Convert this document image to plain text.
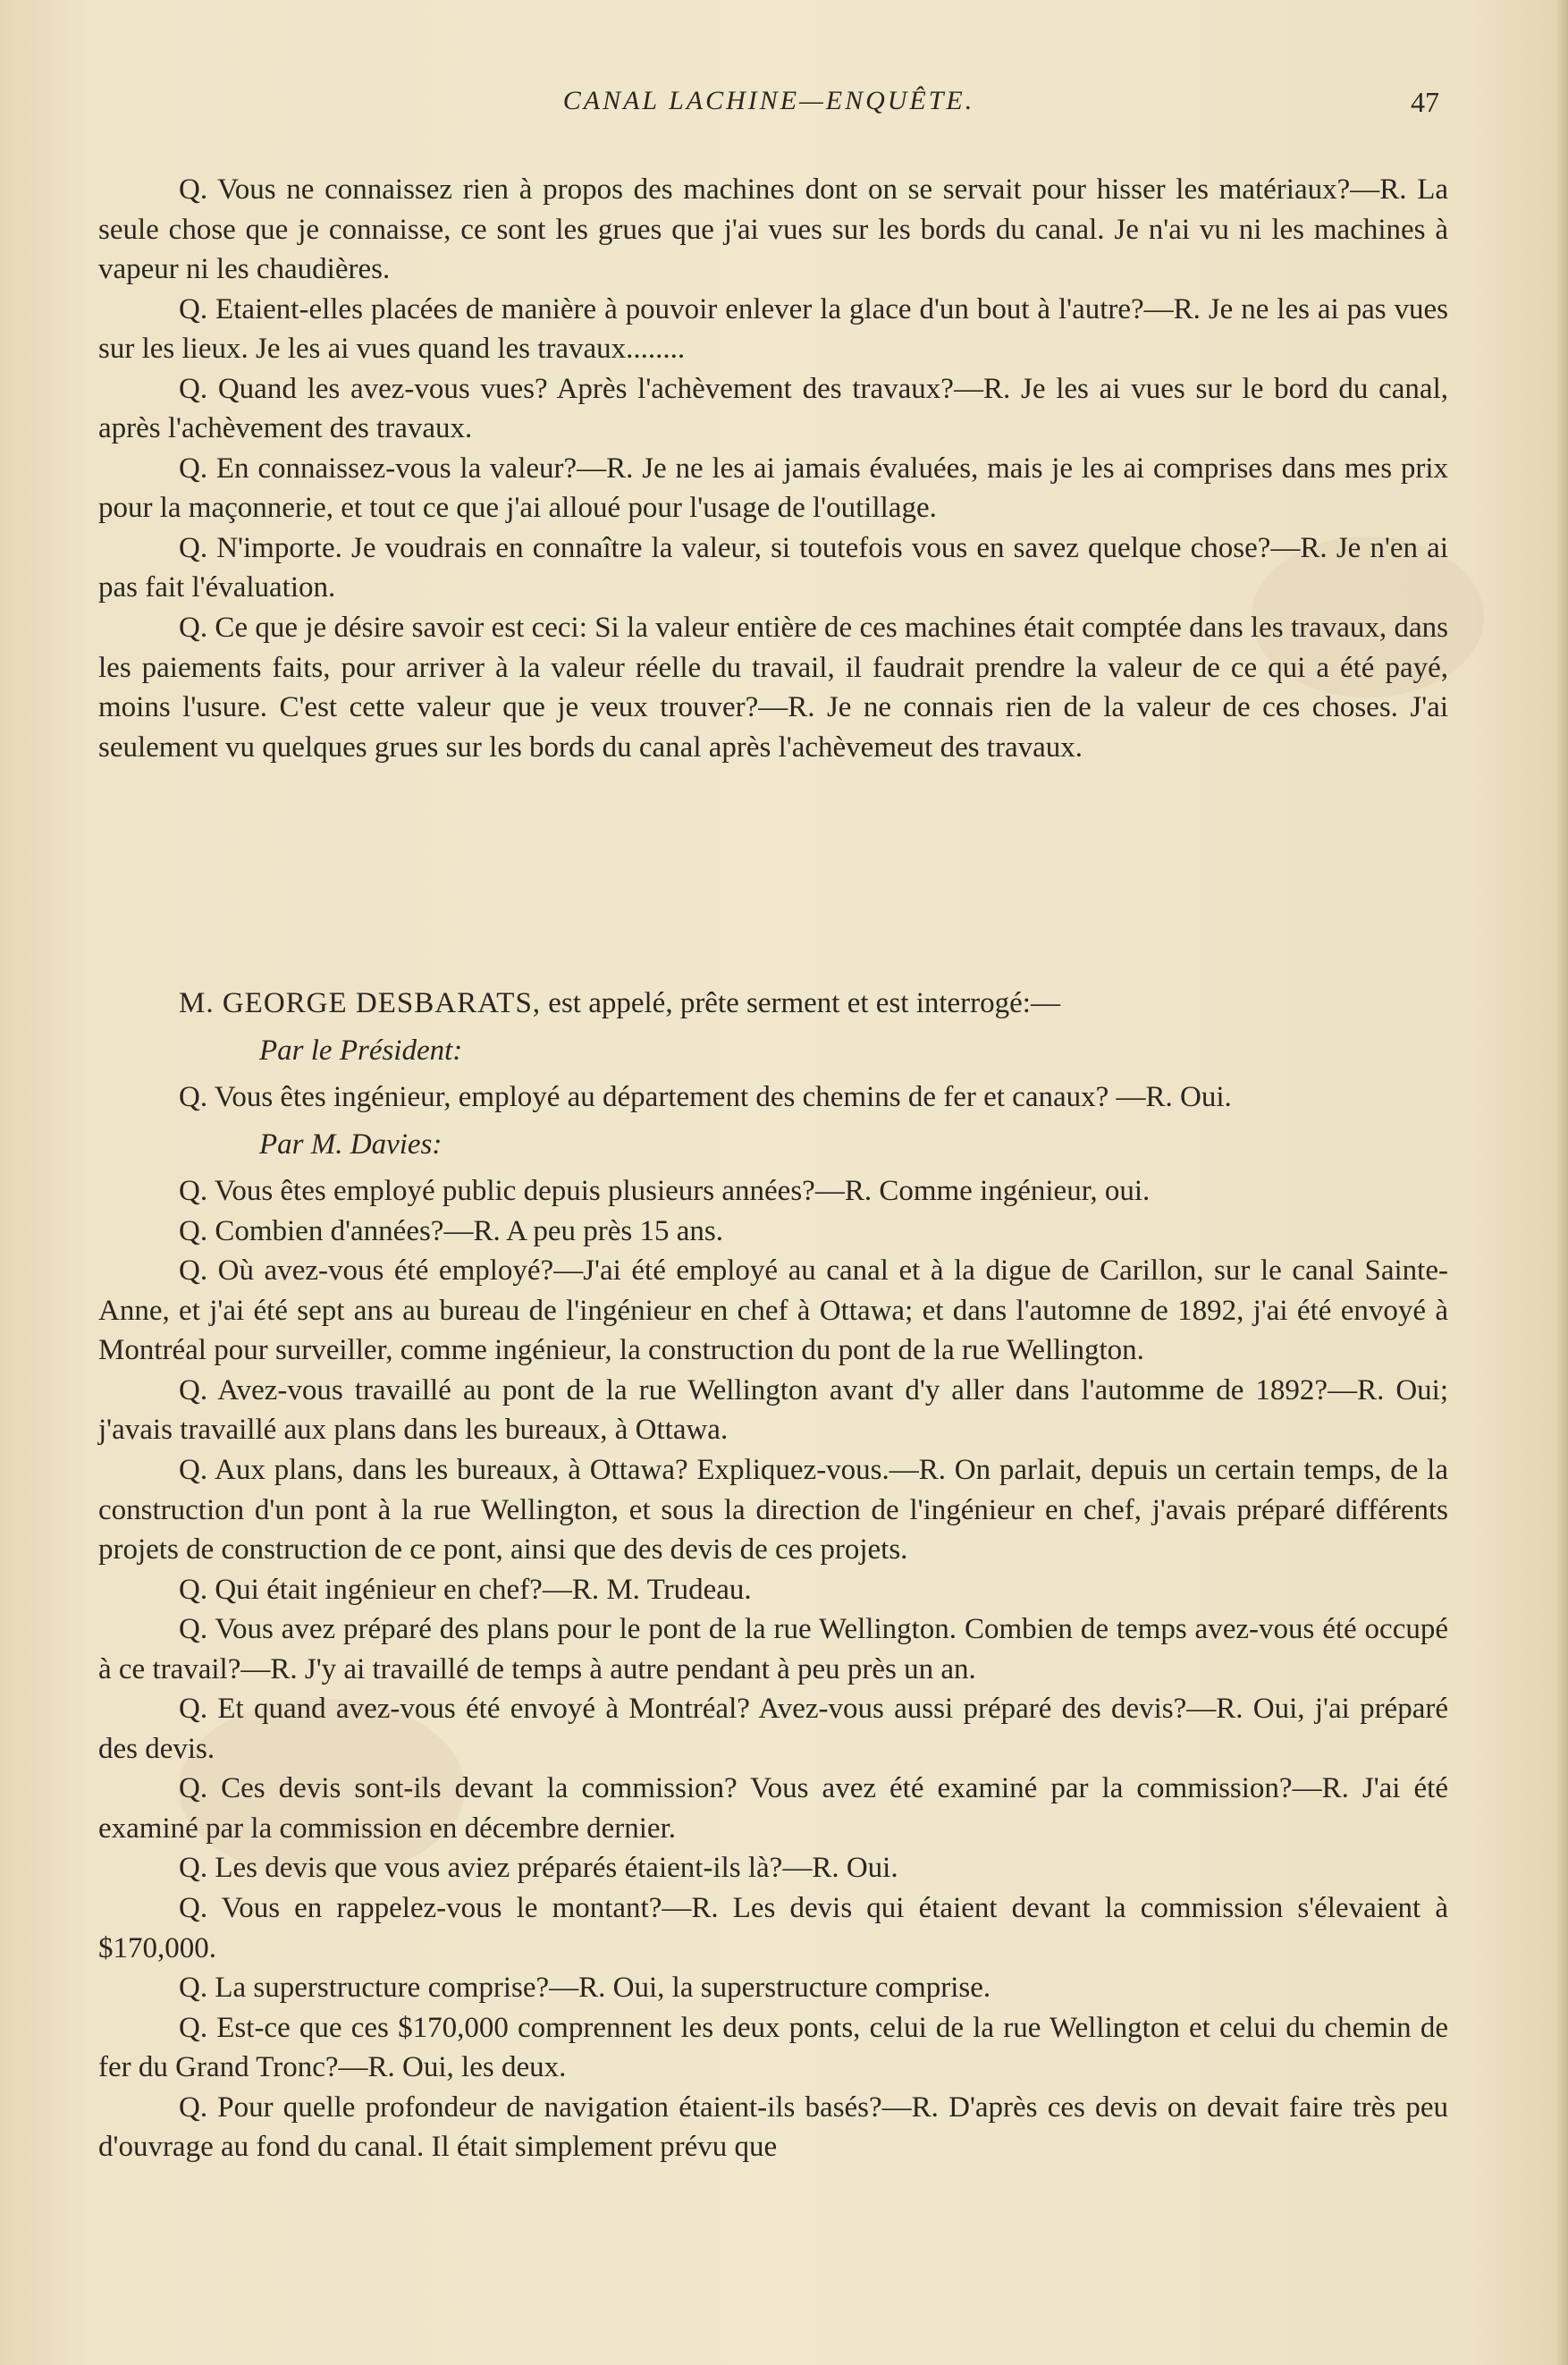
CANAL LACHINE—ENQUÊTE.	47

Q. Vous ne connaissez rien à propos des machines dont on se servait pour hisser les matériaux?—R. La seule chose que je connaisse, ce sont les grues que j'ai vues sur les bords du canal. Je n'ai vu ni les machines à vapeur ni les chaudières.

Q. Etaient-elles placées de manière à pouvoir enlever la glace d'un bout à l'autre?—R. Je ne les ai pas vues sur les lieux. Je les ai vues quand les travaux........

Q. Quand les avez-vous vues? Après l'achèvement des travaux?—R. Je les ai vues sur le bord du canal, après l'achèvement des travaux.

Q. En connaissez-vous la valeur?—R. Je ne les ai jamais évaluées, mais je les ai comprises dans mes prix pour la maçonnerie, et tout ce que j'ai alloué pour l'usage de l'outillage.

Q. N'importe. Je voudrais en connaître la valeur, si toutefois vous en savez quelque chose?—R. Je n'en ai pas fait l'évaluation.

Q. Ce que je désire savoir est ceci: Si la valeur entière de ces machines était comptée dans les travaux, dans les paiements faits, pour arriver à la valeur réelle du travail, il faudrait prendre la valeur de ce qui a été payé, moins l'usure. C'est cette valeur que je veux trouver?—R. Je ne connais rien de la valeur de ces choses. J'ai seulement vu quelques grues sur les bords du canal après l'achèvemeut des travaux.

M. GEORGE DESBARATS, est appelé, prête serment et est interrogé:—

Par le Président:

Q. Vous êtes ingénieur, employé au département des chemins de fer et canaux? —R. Oui.

Par M. Davies:

Q. Vous êtes employé public depuis plusieurs années?—R. Comme ingénieur, oui.

Q. Combien d'années?—R. A peu près 15 ans.

Q. Où avez-vous été employé?—J'ai été employé au canal et à la digue de Carillon, sur le canal Sainte-Anne, et j'ai été sept ans au bureau de l'ingénieur en chef à Ottawa; et dans l'automne de 1892, j'ai été envoyé à Montréal pour surveiller, comme ingénieur, la construction du pont de la rue Wellington.

Q. Avez-vous travaillé au pont de la rue Wellington avant d'y aller dans l'automme de 1892?—R. Oui; j'avais travaillé aux plans dans les bureaux, à Ottawa.

Q. Aux plans, dans les bureaux, à Ottawa? Expliquez-vous.—R. On parlait, depuis un certain temps, de la construction d'un pont à la rue Wellington, et sous la direction de l'ingénieur en chef, j'avais préparé différents projets de construction de ce pont, ainsi que des devis de ces projets.

Q. Qui était ingénieur en chef?—R. M. Trudeau.

Q. Vous avez préparé des plans pour le pont de la rue Wellington. Combien de temps avez-vous été occupé à ce travail?—R. J'y ai travaillé de temps à autre pendant à peu près un an.

Q. Et quand avez-vous été envoyé à Montréal? Avez-vous aussi préparé des devis?—R. Oui, j'ai préparé des devis.

Q. Ces devis sont-ils devant la commission? Vous avez été examiné par la commission?—R. J'ai été examiné par la commission en décembre dernier.

Q. Les devis que vous aviez préparés étaient-ils là?—R. Oui.

Q. Vous en rappelez-vous le montant?—R. Les devis qui étaient devant la commission s'élevaient à $170,000.

Q. La superstructure comprise?—R. Oui, la superstructure comprise.

Q. Est-ce que ces $170,000 comprennent les deux ponts, celui de la rue Wellington et celui du chemin de fer du Grand Tronc?—R. Oui, les deux.

Q. Pour quelle profondeur de navigation étaient-ils basés?—R. D'après ces devis on devait faire très peu d'ouvrage au fond du canal. Il était simplement prévu que
